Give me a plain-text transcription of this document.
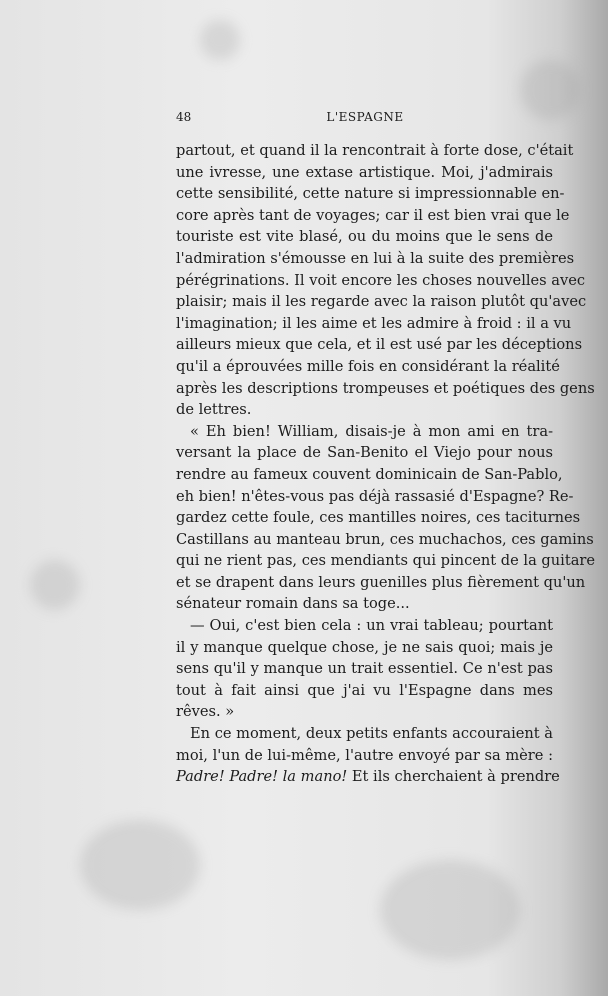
48	L'ESPAGNE
partout, et quand il la rencontrait à forte dose, c'était
une ivresse, une extase artistique. Moi, j'admirais
cette sensibilité, cette nature si impressionnable en-
core après tant de voyages; car il est bien vrai que le
touriste est vite blasé, ou du moins que le sens de
l'admiration s'émousse en lui à la suite des premières
pérégrinations. Il voit encore les choses nouvelles avec
plaisir; mais il les regarde avec la raison plutôt qu'avec
l'imagination; il les aime et les admire à froid : il a vu
ailleurs mieux que cela, et il est usé par les déceptions
qu'il a éprouvées mille fois en considérant la réalité
après les descriptions trompeuses et poétiques des gens
de lettres.
« Eh bien! William, disais-je à mon ami en tra-
versant la place de San-Benito el Viejo pour nous
rendre au fameux couvent dominicain de San-Pablo,
eh bien! n'êtes-vous pas déjà rassasié d'Espagne? Re-
gardez cette foule, ces mantilles noires, ces taciturnes
Castillans au manteau brun, ces muchachos, ces gamins
qui ne rient pas, ces mendiants qui pincent de la guitare
et se drapent dans leurs guenilles plus fièrement qu'un
sénateur romain dans sa toge...
— Oui, c'est bien cela : un vrai tableau; pourtant
il y manque quelque chose, je ne sais quoi; mais je
sens qu'il y manque un trait essentiel. Ce n'est pas
tout à fait ainsi que j'ai vu l'Espagne dans mes
rêves. »
En ce moment, deux petits enfants accouraient à
moi, l'un de lui-même, l'autre envoyé par sa mère :
Padre! Padre! la mano! Et ils cherchaient à prendre
